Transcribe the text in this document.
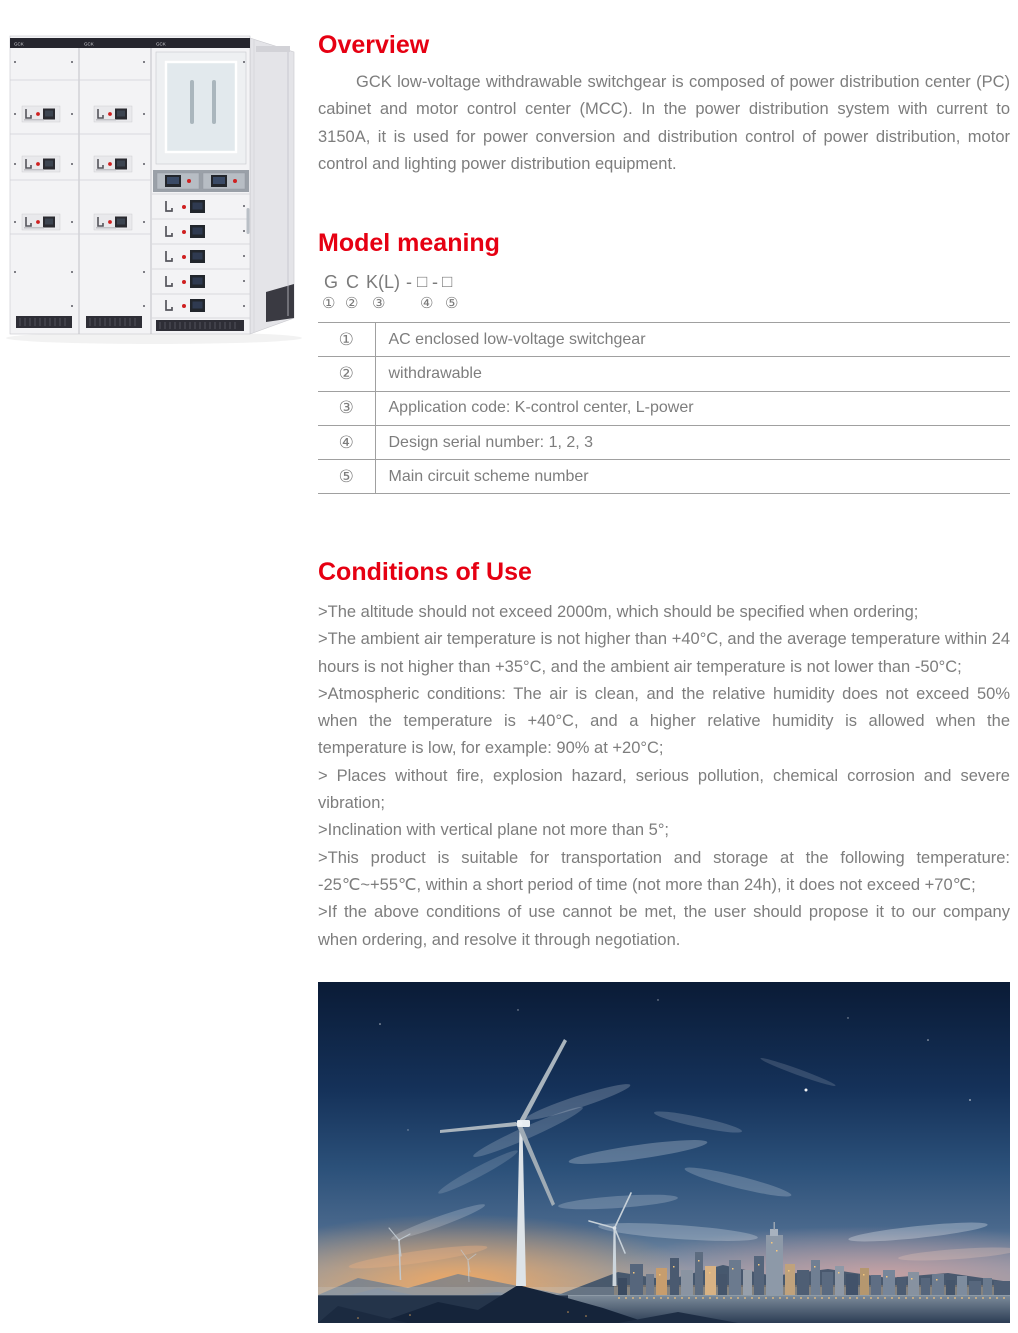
GCK	GCK	GCK	Overview

GCK low-voltage withdrawable switchgear is composed of power distribution center (PC) cabinet and motor control center (MCC). In the power distribution system with current to 3150A, it is used for power conversion and distribution control of power distribution, motor control and lighting power distribution equipment.

Model meaning
G C K(L) - □ - □
① ② ③ ④ ⑤
①	AC enclosed low-voltage switchgear
②	withdrawable
③	Application code: K-control center, L-power
④	Design serial number: 1, 2, 3
⑤	Main circuit scheme number
Conditions of Use

>The altitude should not exceed 2000m, which should be specified when ordering;

>The ambient air temperature is not higher than +40°C, and the average temperature within 24 hours is not higher than +35°C, and the ambient air temperature is not lower than -50°C;

>Atmospheric conditions: The air is clean, and the relative humidity does not exceed 50% when the temperature is +40°C, and a higher relative humidity is allowed when the temperature is low, for example: 90% at +20°C;

> Places without fire, explosion hazard, serious pollution, chemical corrosion and severe vibration;

>Inclination with vertical plane not more than 5°;

>This product is suitable for transportation and storage at the following temperature: -25℃~+55℃, within a short period of time (not more than 24h), it does not exceed +70℃;

>If the above conditions of use cannot be met, the user should propose it to our company when ordering, and resolve it through negotiation.
